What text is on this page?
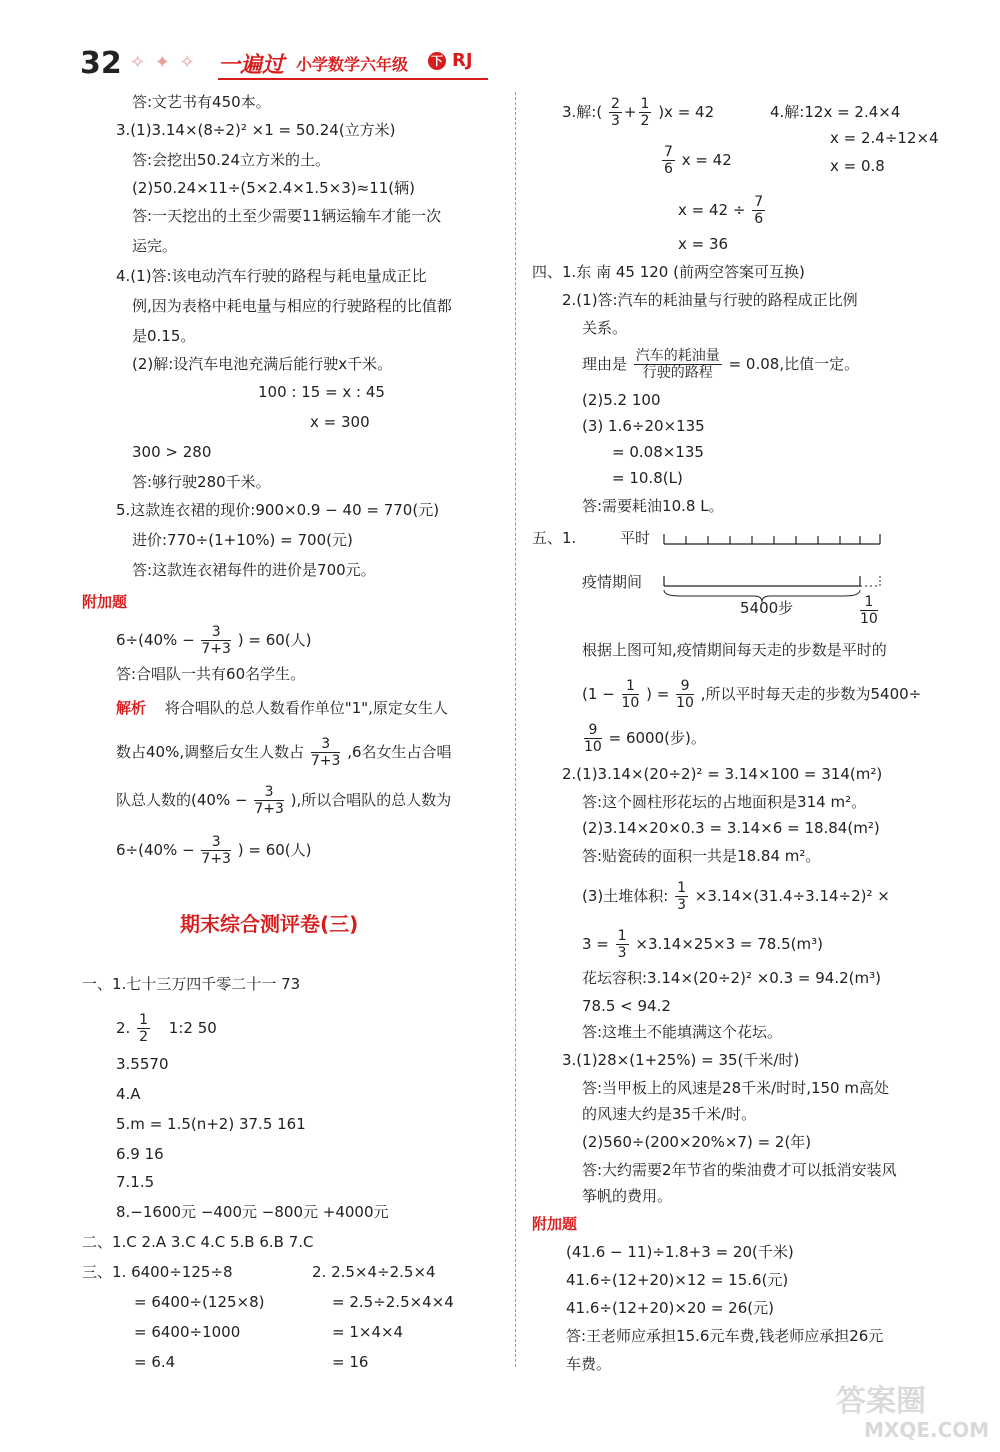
32 ✧ ✦ ✧ 一遍过 小学数学六年级 下 RJ
答:文艺书有450本。
3.(1)3.14×(8÷2)² ×1 = 50.24(立方米)
答:会挖出50.24立方米的土。
(2)50.24×11÷(5×2.4×1.5×3)≈11(辆)
答:一天挖出的土至少需要11辆运输车才能一次
运完。
4.(1)答:该电动汽车行驶的路程与耗电量成正比
例,因为表格中耗电量与相应的行驶路程的比值都
是0.15。
(2)解:设汽车电池充满后能行驶x千米。
100 : 15 = x : 45
x = 300
300 > 280
答:够行驶280千米。
5.这款连衣裙的现价:900×0.9 − 40 = 770(元)
进价:770÷(1+10%) = 700(元)
答:这款连衣裙每件的进价是700元。
附加题
$6\div(40\% - \frac{3}{7+3}$ ) = 60(人)
答:合唱队一共有60名学生。
解析 将合唱队的总人数看作单位"1",原定女生人
数占40%,调整后女生人数占 $\frac{3}{7+3} ,6$名女生占合唱
队总人数的($40\% - \frac{3}{7+3}$ ),所以合唱队的总人数为
$6\div(40\% - \frac{3}{7+3}$ ) = 60(人)
期末综合测评卷(三)
一、1.七十三万四千零二十一 73
2. $\frac{1}{2}$ 1:2 50
3.5570
4.A
5.m = 1.5(n+2) 37.5 161
6.9 16
7.1.5
8.−1600元 −400元 −800元 +4000元
二、1.C 2.A 3.C 4.C 5.B 6.B 7.C
三、1. 6400÷125÷8
= 6400÷(125×8)
= 6400÷1000
= 6.4
2. 2.5×4÷2.5×4
= 2.5÷2.5×4×4
= 1×4×4
= 16
3.解:( $\frac{2}{3} + \frac{1}{2} )x = 42$
$\frac{7}{6}$ x = 42
$x = 42 \div \frac{7}{6}$
x = 36
4.解:12x = 2.4×4
x = 2.4÷12×4
x = 0.8
四、1.东 南 45 120 (前两空答案可互换)
2.(1)答:汽车的耗油量与行驶的路程成正比例
关系。
理由是 $\frac{\text{汽车的耗油量}}{\text{行驶的路程}} = 0.08$,比值一定。
(2)5.2 100
(3) 1.6÷20×135
= 0.08×135
= 10.8(L)
答:需要耗油10.8 L。
五、1.	平时
疫情期间
5400步	$\frac{1}{10}$
根据上图可知,疫情期间每天走的步数是平时的
($1 - \frac{1}{10}$ ) = $\frac{9}{10}$ ,所以平时每天走的步数为5400÷
$\frac{9}{10} = 6000$(步)。
2.(1)3.14×(20÷2)² = 3.14×100 = 314(m²)
答:这个圆柱形花坛的占地面积是314 m²。
(2)3.14×20×0.3 = 3.14×6 = 18.84(m²)
答:贴瓷砖的面积一共是18.84 m²。
(3)土堆体积: $\frac{1}{3} \times 3.14\times(31.4\div 3.14\div 2)^2$ ×
$3 = \frac{1}{3} \times 3.14\times 25\times 3 = 78.5(m^3)$
花坛容积:3.14×(20÷2)² ×0.3 = 94.2(m³)
78.5 < 94.2
答:这堆土不能填满这个花坛。
3.(1)28×(1+25%) = 35(千米/时)
答:当甲板上的风速是28千米/时时,150 m高处
的风速大约是35千米/时。
(2)560÷(200×20%×7) = 2(年)
答:大约需要2年节省的柴油费才可以抵消安装风
筝帆的费用。
附加题
(41.6 − 11)÷1.8+3 = 20(千米)
41.6÷(12+20)×12 = 15.6(元)
41.6÷(12+20)×20 = 26(元)
答:王老师应承担15.6元车费,钱老师应承担26元
车费。
答案圈
MXQE.COM
